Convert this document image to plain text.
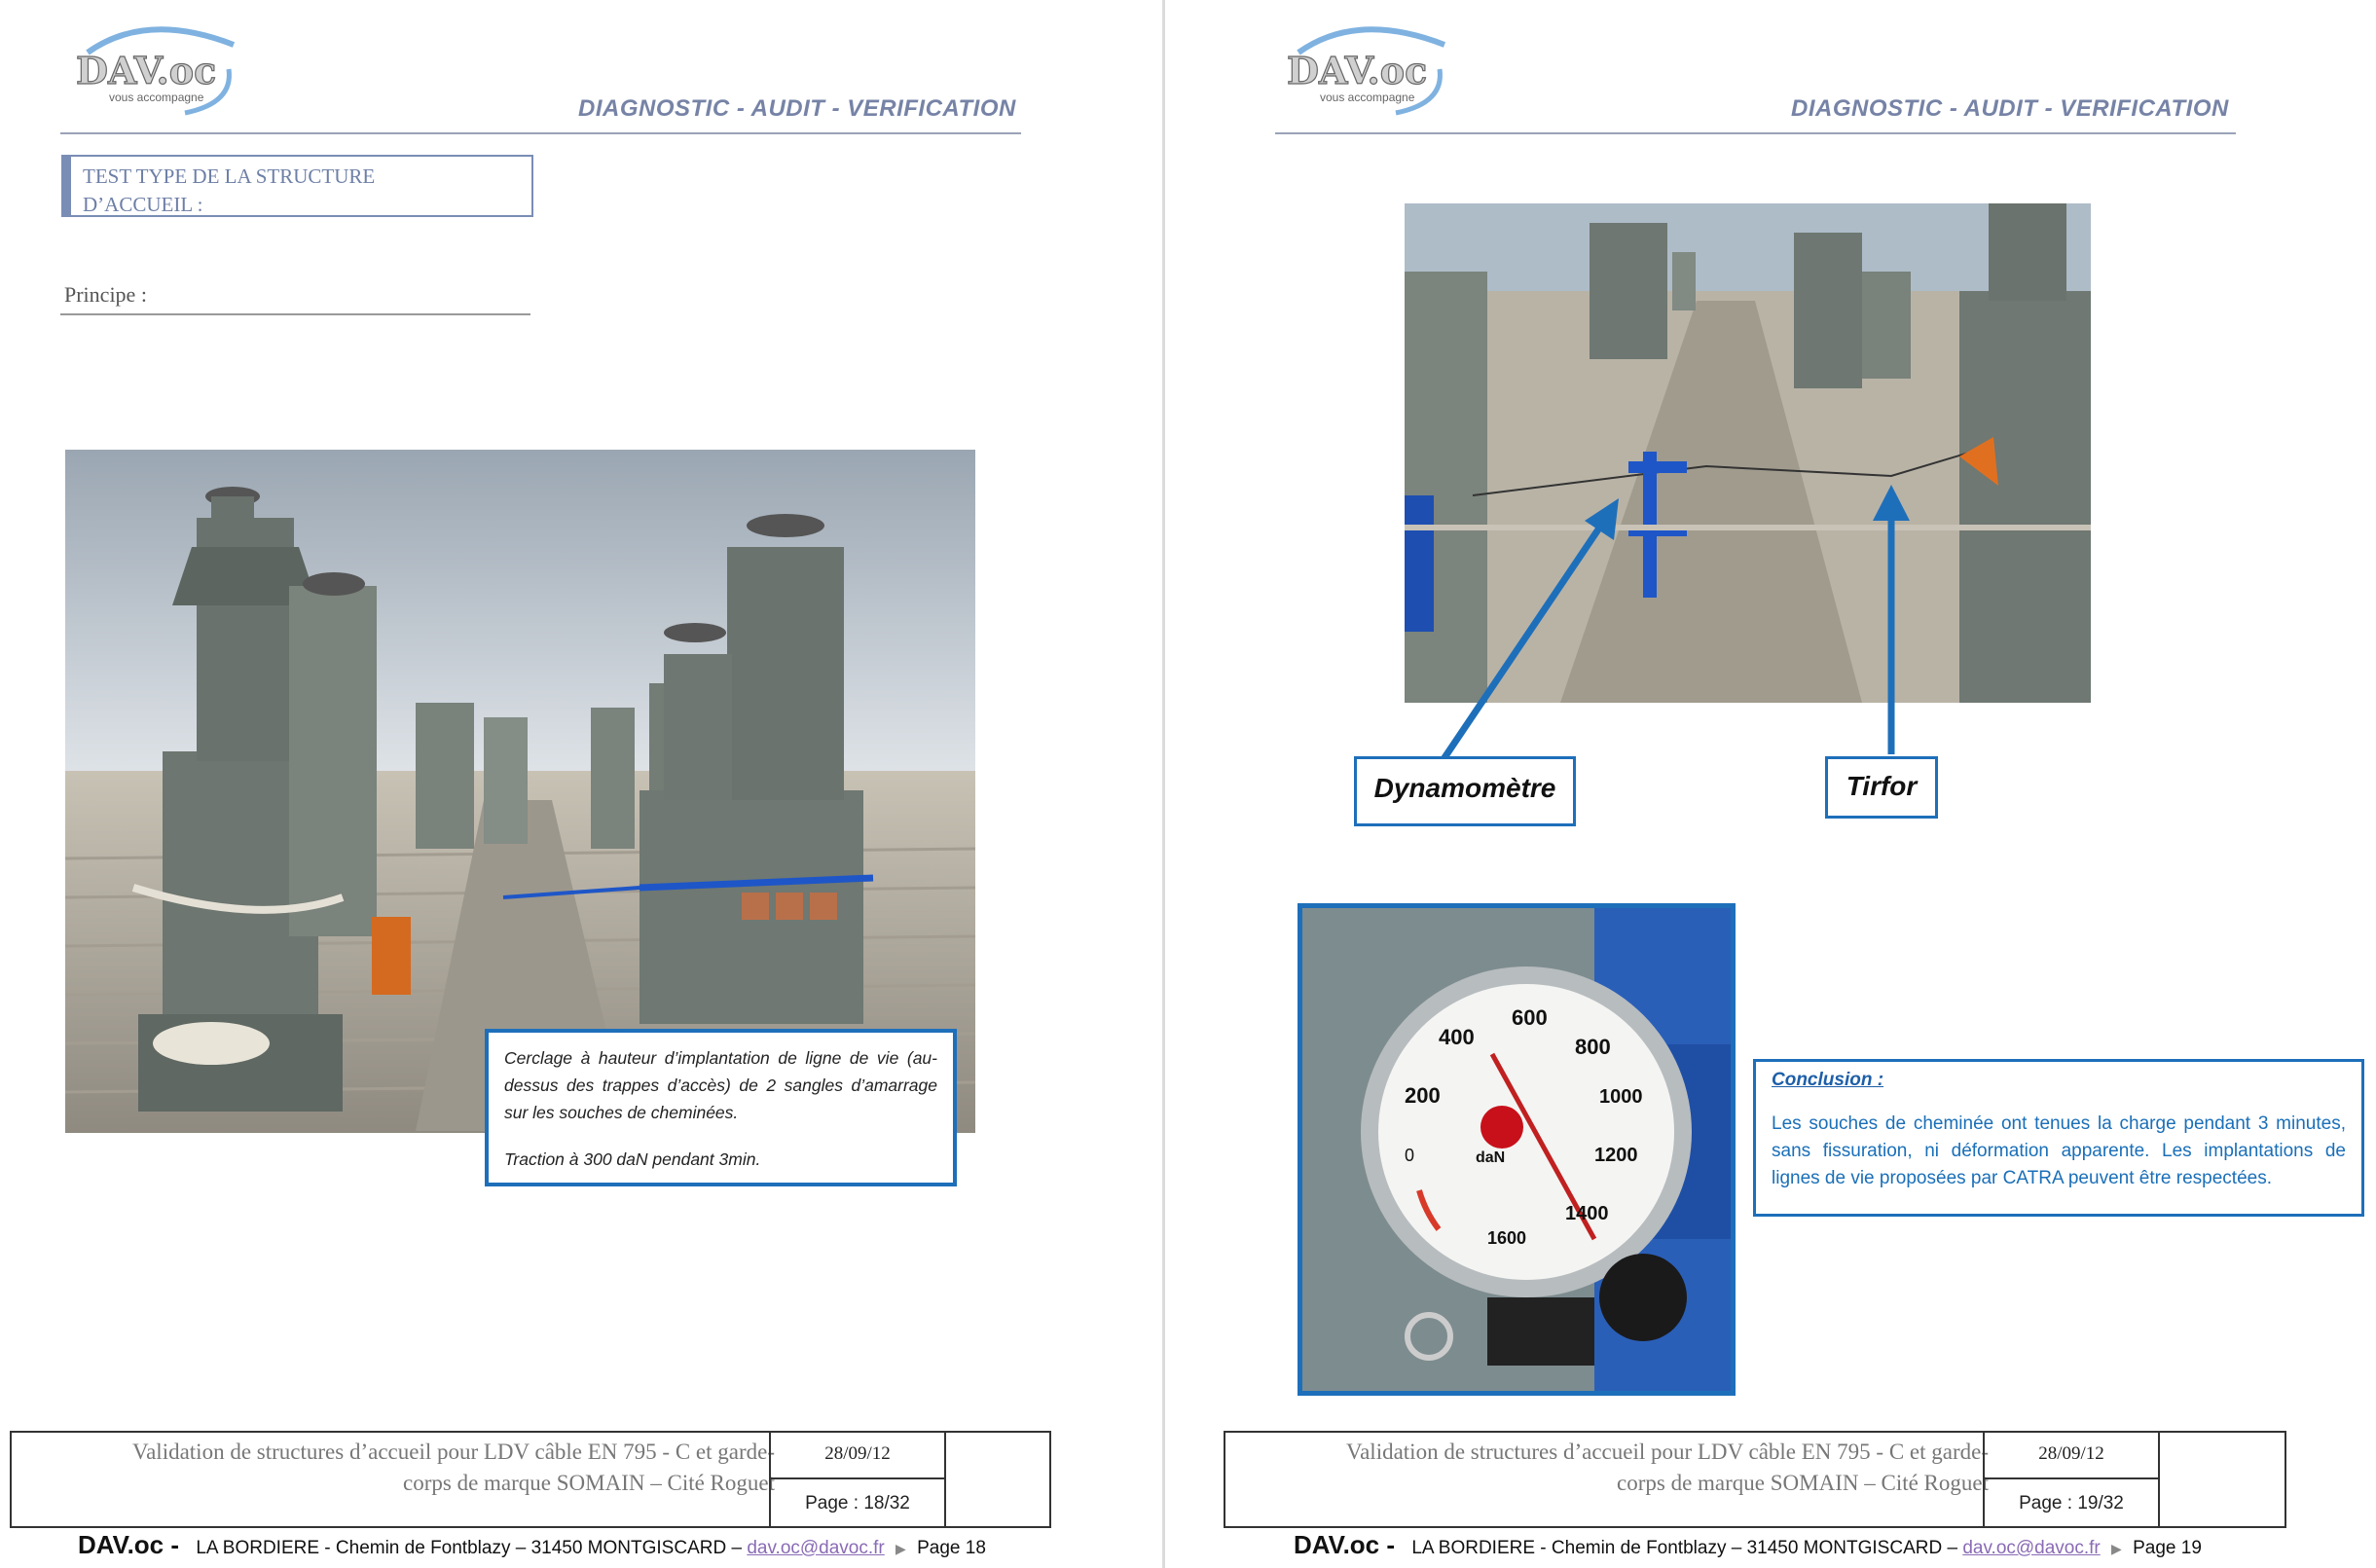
DAV.oc
vous accompagne	DIAGNOSTIC - AUDIT - VERIFICATION
TEST TYPE DE LA STRUCTURE
D’ACCUEIL :
Principe :

Cerclage à hauteur d’implantation de ligne de vie (au-dessus des trappes d’accès) de 2 sangles d’amarrage sur les souches de cheminées.

Traction à 300 daN pendant 3min.

Validation de structures d’accueil pour LDV câble EN 795 - C et garde-
corps de marque SOMAIN – Cité Roguet
28/09/12
Page : 18/32
DAV.oc - LA BORDIERE - Chemin de Fontblazy – 31450 MONTGISCARD – dav.oc@davoc.fr ▶ Page 18
DAV.oc
vous accompagne	DIAGNOSTIC - AUDIT - VERIFICATION
Dynamomètre	Tirfor
0
200
400
600
800
1000
1200
1400
1600
daN
Conclusion :
Les souches de cheminée ont tenues la charge pendant 3 minutes, sans fissuration, ni déformation apparente. Les implantations de lignes de vie proposées par CATRA peuvent être respectées.
Validation de structures d’accueil pour LDV câble EN 795 - C et garde-
corps de marque SOMAIN – Cité Roguet
28/09/12
Page : 19/32
DAV.oc - LA BORDIERE - Chemin de Fontblazy – 31450 MONTGISCARD – dav.oc@davoc.fr ▶ Page 19
